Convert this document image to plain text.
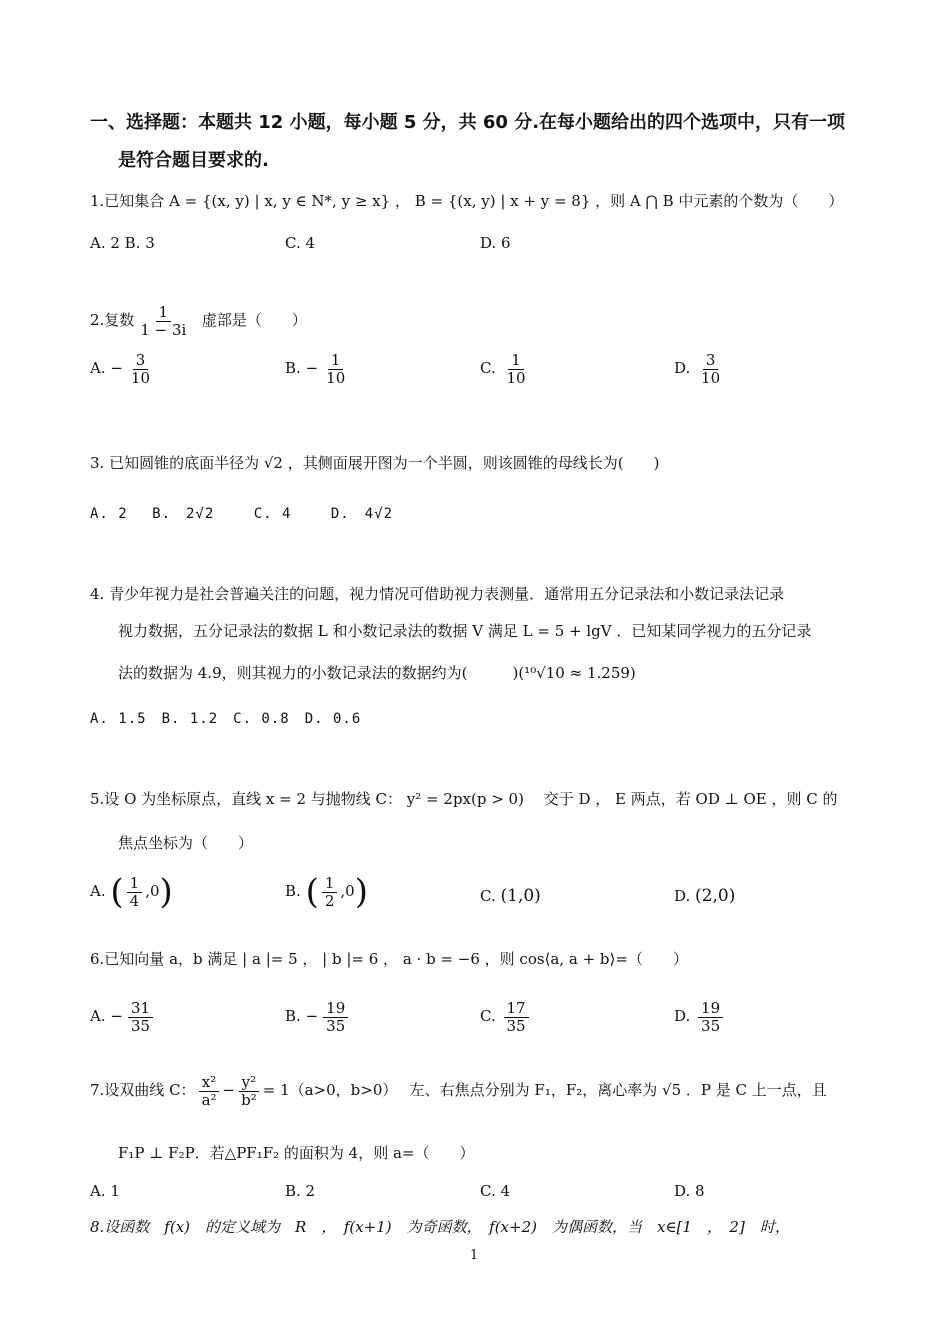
一、选择题：本题共 12 小题，每小题 5 分，共 60 分.在每小题给出的四个选项中，只有一项
是符合题目要求的.
1.已知集合 A = {(x, y) | x, y ∈ N*, y ≥ x} ， B = {(x, y) | x + y = 8} ，则 A ⋂ B 中元素的个数为（　　）
A. 2 B. 3	C. 4	D. 6
2.复数 $\frac{1}{1 - 3i}$ 虚部是（　　）
A. − $\frac{3}{10}$	B. − $\frac{1}{10}$	C. $\frac{1}{10}$	D. $\frac{3}{10}$
3. 已知圆锥的底面半径为 √2 ，其侧面展开图为一个半圆，则该圆锥的母线长为(　　)
A. 2　 B.　2√2　　 C. 4　　 D.　4√2
4. 青少年视力是社会普遍关注的问题，视力情况可借助视力表测量．通常用五分记录法和小数记录法记录
视力数据，五分记录法的数据 L 和小数记录法的数据 V 满足 L = 5 + lgV ．已知某同学视力的五分记录
法的数据为 4.9，则其视力的小数记录法的数据约为(　　　)(¹⁰√10 ≈ 1.259)
A. 1.5　B. 1.2　C. 0.8　D. 0.6
5.设 O 为坐标原点，直线 x = 2 与抛物线 C： y² = 2px(p > 0)　 交于 D ， E 两点，若 OD ⊥ OE ，则 C 的
焦点坐标为（　　）
A. ( $\frac{1}{4} ,0$)	B. ( $\frac{1}{2} ,0$)	C. (1,0)	D. (2,0)
6.已知向量 a，b 满足 | a |= 5 ， | b |= 6 ， a · b = −6 ，则 cos⟨a, a + b⟩=（　　）
A. − $\frac{31}{35}$	B. − $\frac{19}{35}$	C. $\frac{17}{35}$	D. $\frac{19}{35}$
7.设双曲线 C： $\frac{\text{x²}}{\text{a²}} - \frac{\text{y²}}{\text{b²}} = 1(a>0$，b>0）　 左、右焦点分别为 F₁，F₂，离心率为 √5 ．P 是 C 上一点，且
F₁P ⊥ F₂P．若△PF₁F₂ 的面积为 4，则 a=（　　）
A. 1	B. 2	C. 4	D. 8
8.设函数　f(x)　的定义域为　R　，　f(x+1)　为奇函数，　f(x+2)　为偶函数，当　x∈[1　，　2]　时，
1
